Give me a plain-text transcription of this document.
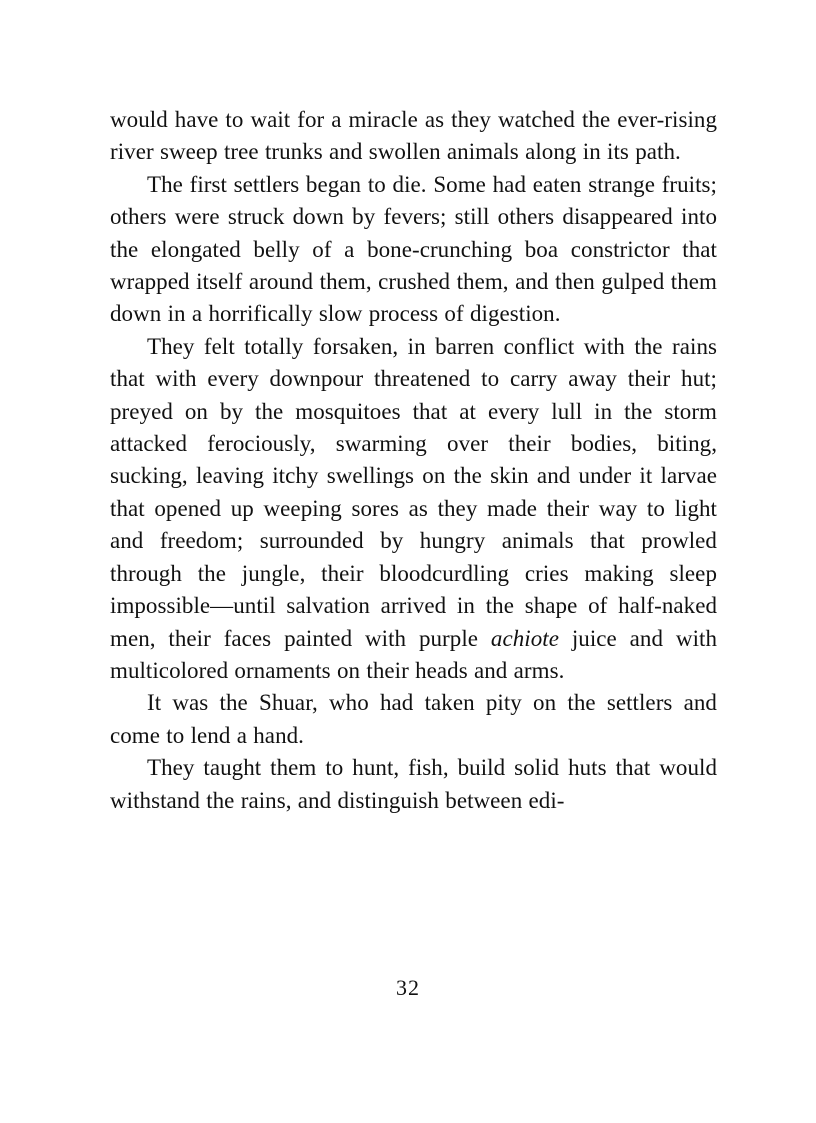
would have to wait for a miracle as they watched the ever-rising river sweep tree trunks and swollen animals along in its path.

The first settlers began to die. Some had eaten strange fruits; others were struck down by fevers; still others disappeared into the elongated belly of a bone-crunching boa constrictor that wrapped itself around them, crushed them, and then gulped them down in a horrifically slow process of digestion.

They felt totally forsaken, in barren conflict with the rains that with every downpour threatened to carry away their hut; preyed on by the mosquitoes that at every lull in the storm attacked ferociously, swarming over their bodies, biting, sucking, leaving itchy swellings on the skin and under it larvae that opened up weeping sores as they made their way to light and freedom; surrounded by hungry animals that prowled through the jungle, their bloodcurdling cries making sleep impossible—until salvation arrived in the shape of half-naked men, their faces painted with purple achiote juice and with multicolored ornaments on their heads and arms.

It was the Shuar, who had taken pity on the settlers and come to lend a hand.

They taught them to hunt, fish, build solid huts that would withstand the rains, and distinguish between edi-

32
